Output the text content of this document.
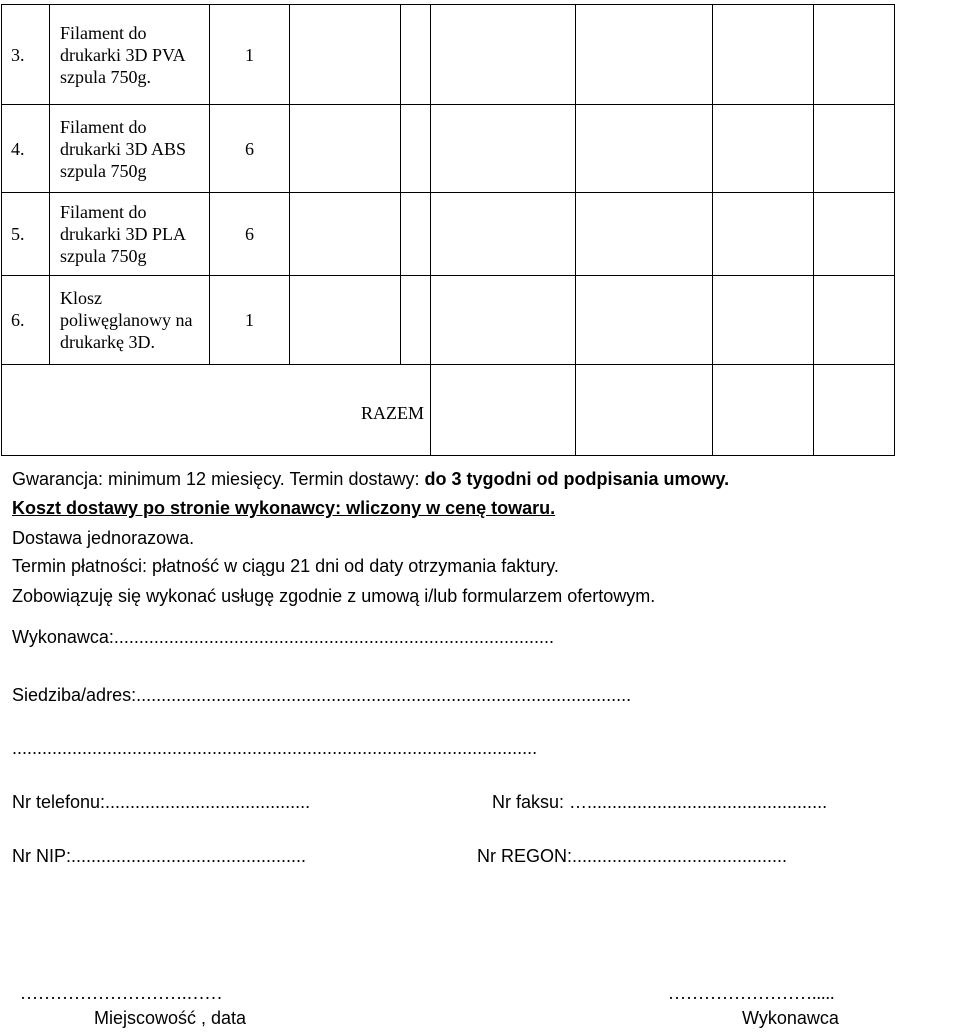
3.	Filament do drukarki 3D PVA szpula 750g.	1						
4.	Filament do drukarki 3D ABS szpula 750g	6						
5.	Filament do drukarki 3D PLA szpula 750g	6						
6.	Klosz poliwęglanowy na drukarkę 3D.	1						
RAZEM								
Gwarancja: minimum 12 miesięcy. Termin dostawy: do 3 tygodni od podpisania umowy.
Koszt dostawy po stronie wykonawcy: wliczony w cenę towaru.
Dostawa jednorazowa.
Termin płatności: płatność w ciągu 21 dni od daty otrzymania faktury.
Zobowiązuję się wykonać usługę zgodnie z umową i/lub formularzem ofertowym.
Wykonawca:........................................................................................
Siedziba/adres:...................................................................................................
.........................................................................................................
Nr telefonu:.........................................	Nr faksu: …................................................
Nr NIP:...............................................	Nr REGON:...........................................
……………………….……
Miejscowość , data
…………………….....
Wykonawca
